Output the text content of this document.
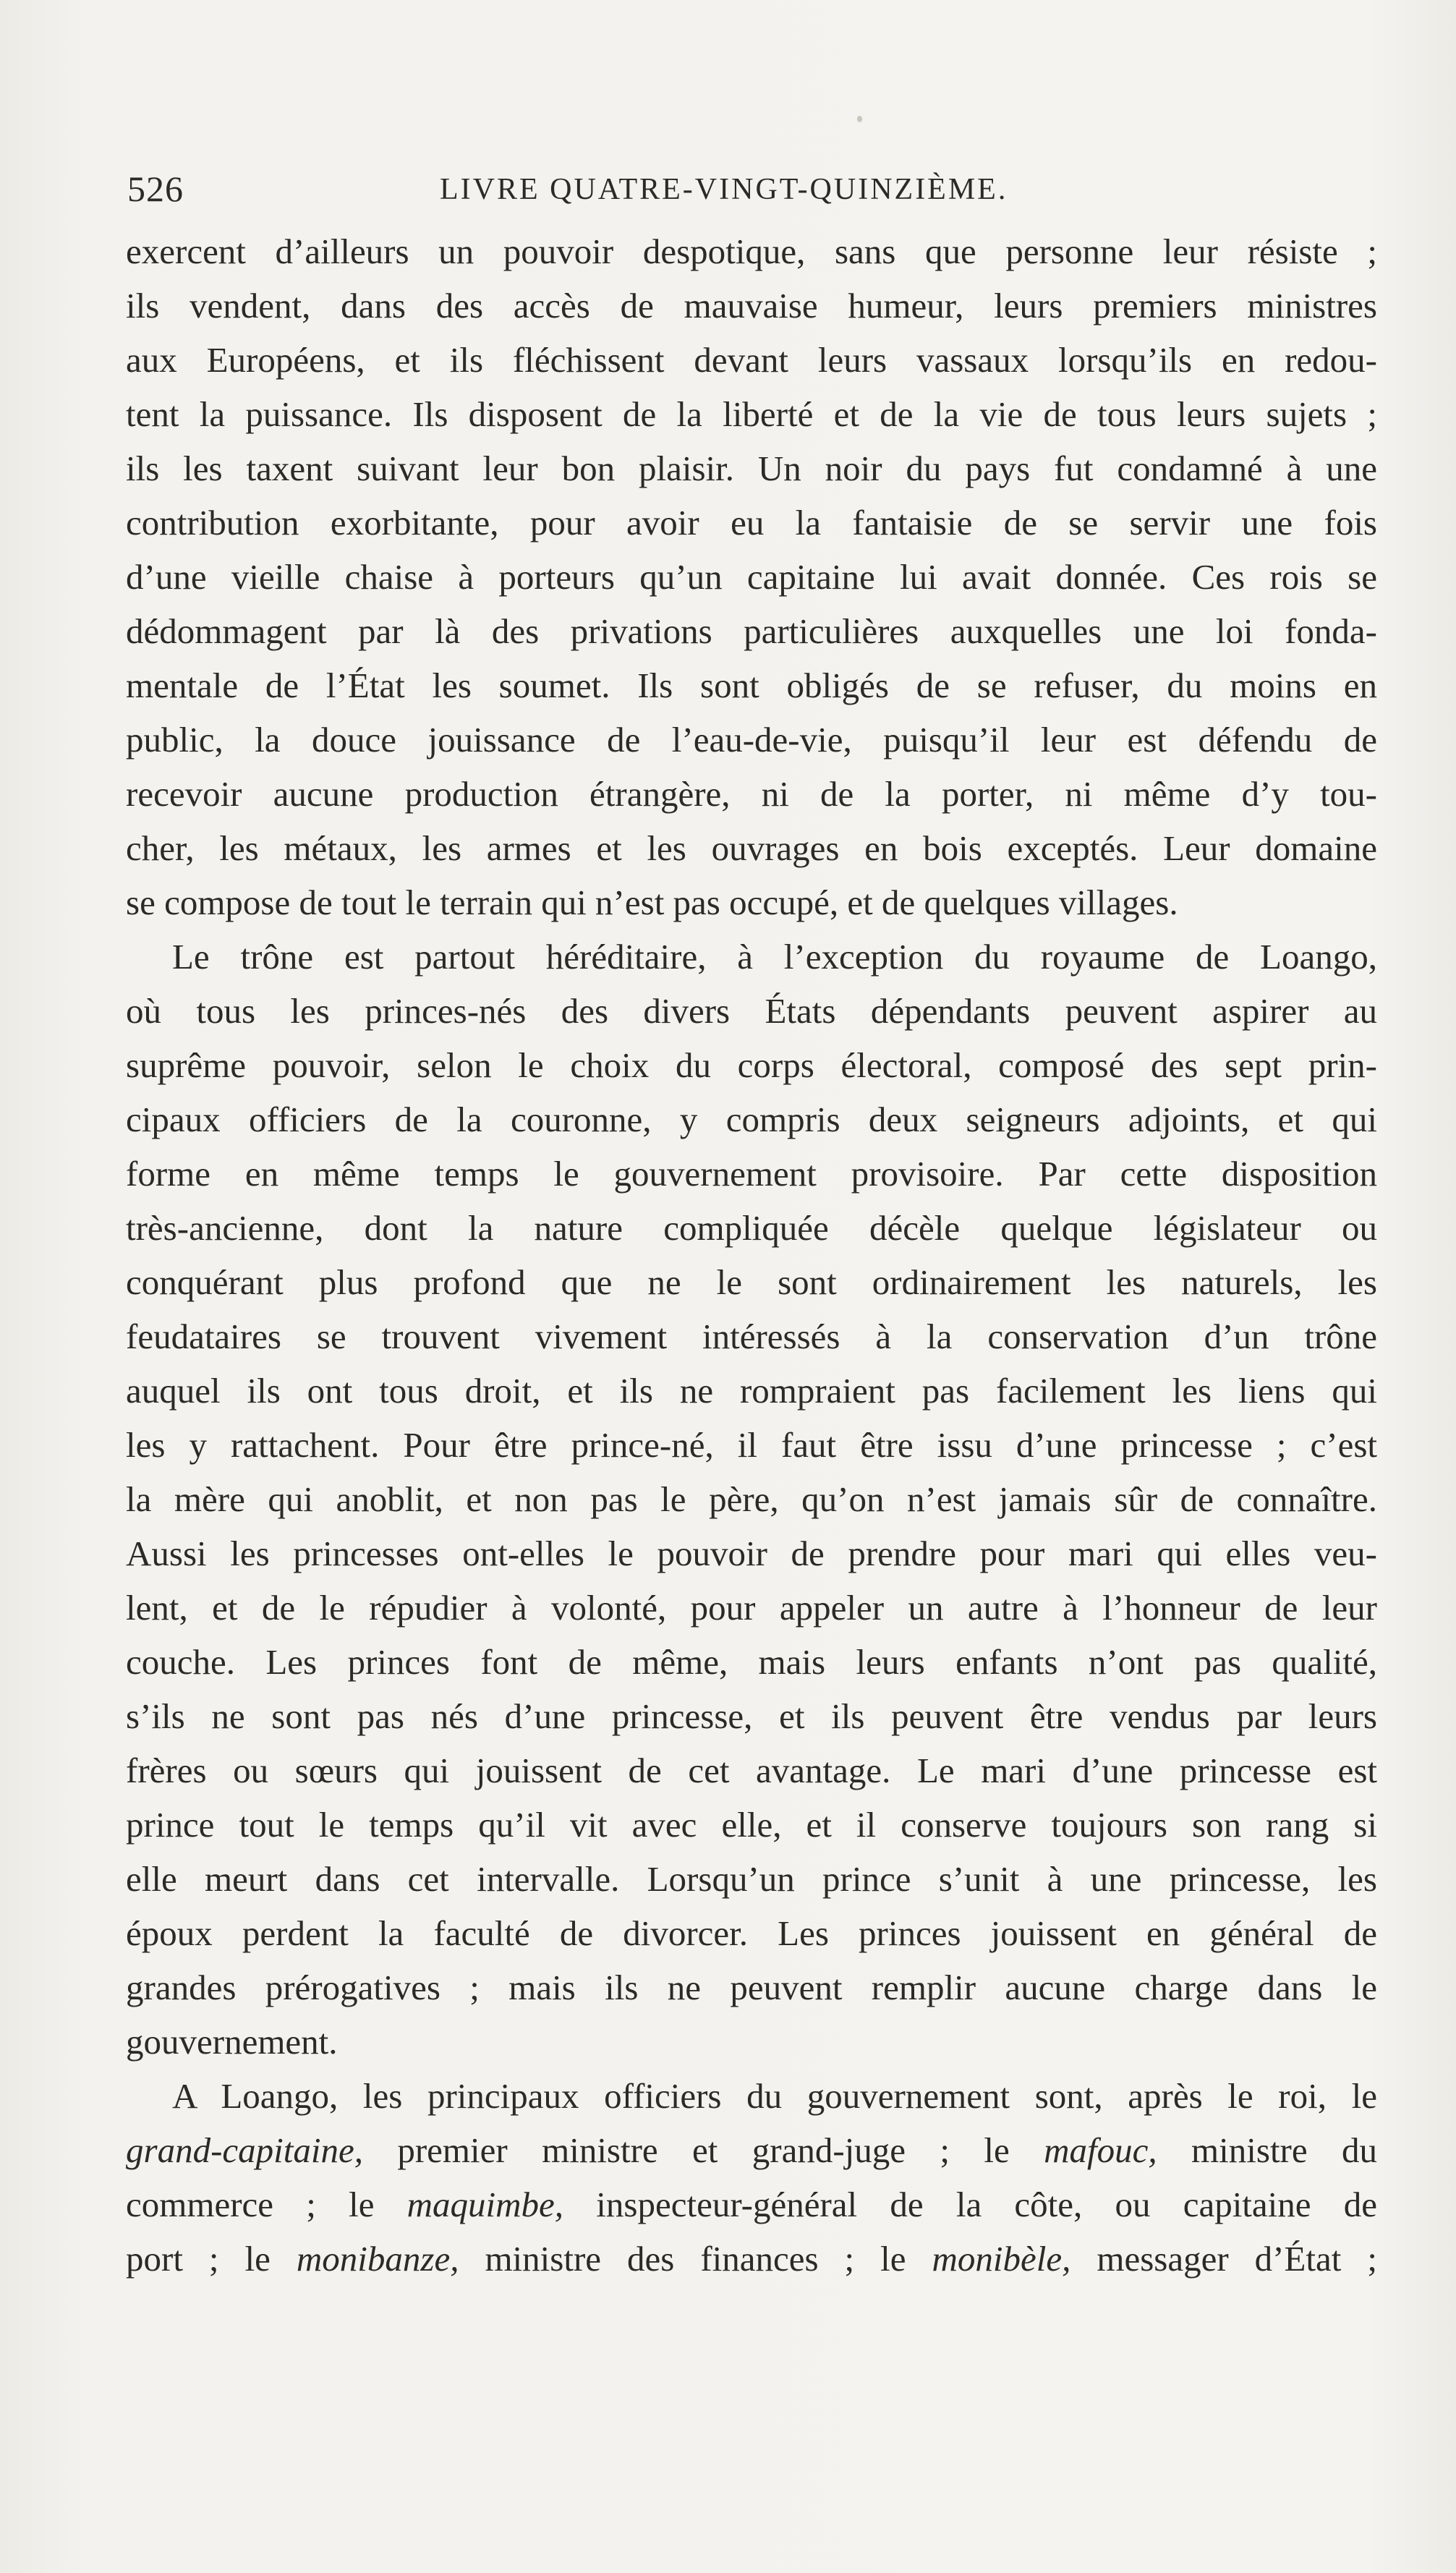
526	LIVRE QUATRE-VINGT-QUINZIÈME.
exercent d’ailleurs un pouvoir despotique, sans que personne leur résiste ;
ils vendent, dans des accès de mauvaise humeur, leurs premiers ministres
aux Européens, et ils fléchissent devant leurs vassaux lorsqu’ils en redou-
tent la puissance. Ils disposent de la liberté et de la vie de tous leurs sujets ;
ils les taxent suivant leur bon plaisir. Un noir du pays fut condamné à une
contribution exorbitante, pour avoir eu la fantaisie de se servir une fois
d’une vieille chaise à porteurs qu’un capitaine lui avait donnée. Ces rois se
dédommagent par là des privations particulières auxquelles une loi fonda-
mentale de l’État les soumet. Ils sont obligés de se refuser, du moins en
public, la douce jouissance de l’eau-de-vie, puisqu’il leur est défendu de
recevoir aucune production étrangère, ni de la porter, ni même d’y tou-
cher, les métaux, les armes et les ouvrages en bois exceptés. Leur domaine
se compose de tout le terrain qui n’est pas occupé, et de quelques villages.
Le trône est partout héréditaire, à l’exception du royaume de Loango,
où tous les princes-nés des divers États dépendants peuvent aspirer au
suprême pouvoir, selon le choix du corps électoral, composé des sept prin-
cipaux officiers de la couronne, y compris deux seigneurs adjoints, et qui
forme en même temps le gouvernement provisoire. Par cette disposition
très-ancienne, dont la nature compliquée décèle quelque législateur ou
conquérant plus profond que ne le sont ordinairement les naturels, les
feudataires se trouvent vivement intéressés à la conservation d’un trône
auquel ils ont tous droit, et ils ne rompraient pas facilement les liens qui
les y rattachent. Pour être prince-né, il faut être issu d’une princesse ; c’est
la mère qui anoblit, et non pas le père, qu’on n’est jamais sûr de connaître.
Aussi les princesses ont-elles le pouvoir de prendre pour mari qui elles veu-
lent, et de le répudier à volonté, pour appeler un autre à l’honneur de leur
couche. Les princes font de même, mais leurs enfants n’ont pas qualité,
s’ils ne sont pas nés d’une princesse, et ils peuvent être vendus par leurs
frères ou sœurs qui jouissent de cet avantage. Le mari d’une princesse est
prince tout le temps qu’il vit avec elle, et il conserve toujours son rang si
elle meurt dans cet intervalle. Lorsqu’un prince s’unit à une princesse, les
époux perdent la faculté de divorcer. Les princes jouissent en général de
grandes prérogatives ; mais ils ne peuvent remplir aucune charge dans le
gouvernement.
A Loango, les principaux officiers du gouvernement sont, après le roi, le
grand-capitaine, premier ministre et grand-juge ; le mafouc, ministre du
commerce ; le maquimbe, inspecteur-général de la côte, ou capitaine de
port ; le monibanze, ministre des finances ; le monibèle, messager d’État ;
